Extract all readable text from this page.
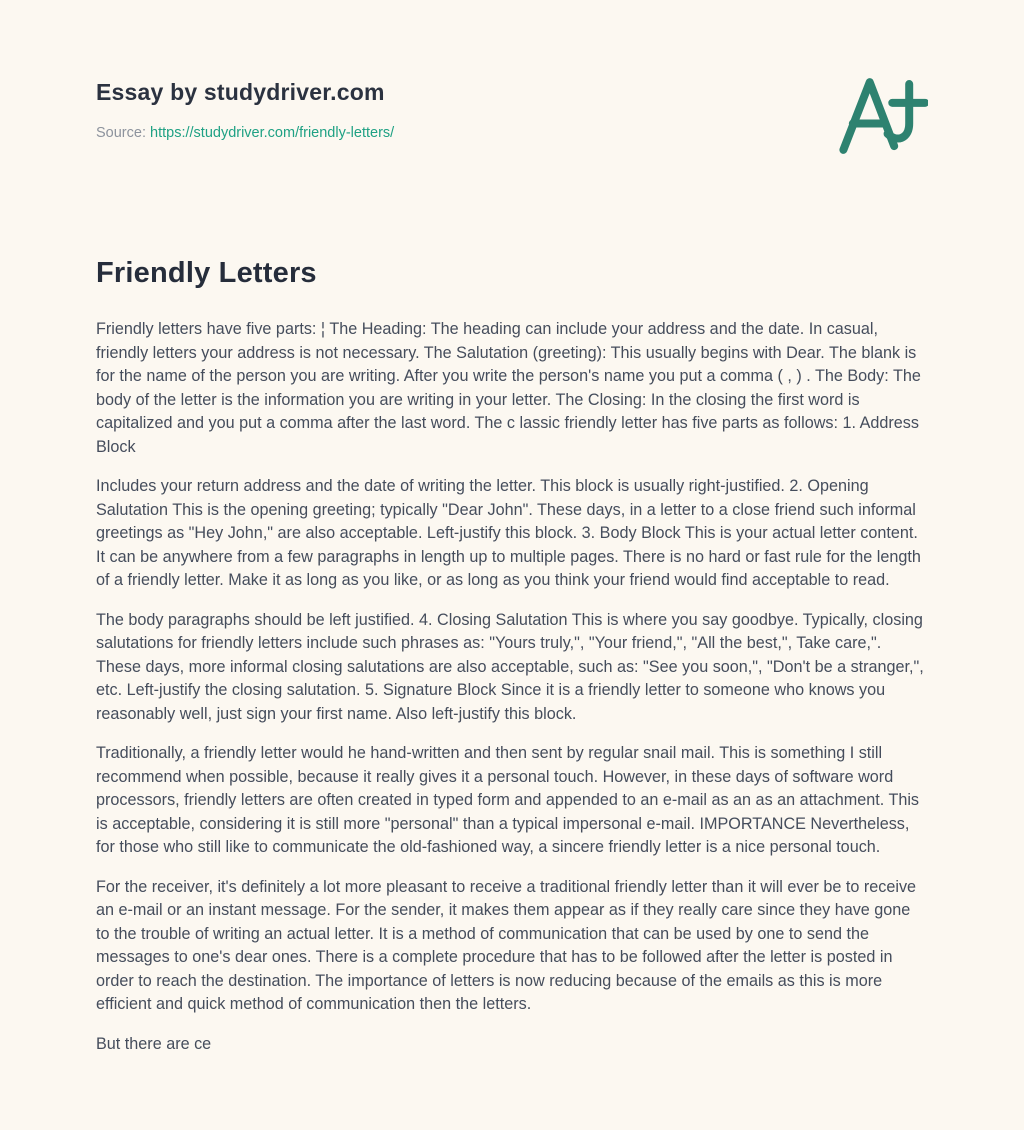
Essay by studydriver.com
Source: https://studydriver.com/friendly-letters/
Friendly Letters

Friendly letters have five parts: ¦ The Heading: The heading can include your address and the date. In casual, friendly letters your address is not necessary. The Salutation (greeting): This usually begins with Dear. The blank is for the name of the person you are writing. After you write the person's name you put a comma ( , ) . The Body: The body of the letter is the information you are writing in your letter. The Closing: In the closing the first word is capitalized and you put a comma after the last word. The c lassic friendly letter has five parts as follows: 1. Address Block

Includes your return address and the date of writing the letter. This block is usually right-justified. 2. Opening Salutation This is the opening greeting; typically "Dear John". These days, in a letter to a close friend such informal greetings as "Hey John," are also acceptable. Left-justify this block. 3. Body Block This is your actual letter content. It can be anywhere from a few paragraphs in length up to multiple pages. There is no hard or fast rule for the length of a friendly letter. Make it as long as you like, or as long as you think your friend would find acceptable to read.

The body paragraphs should be left justified. 4. Closing Salutation This is where you say goodbye. Typically, closing salutations for friendly letters include such phrases as: "Yours truly,", "Your friend,", "All the best,", Take care,". These days, more informal closing salutations are also acceptable, such as: "See you soon,", "Don't be a stranger,", etc. Left-justify the closing salutation. 5. Signature Block Since it is a friendly letter to someone who knows you reasonably well, just sign your first name. Also left-justify this block.

Traditionally, a friendly letter would he hand-written and then sent by regular snail mail. This is something I still recommend when possible, because it really gives it a personal touch. However, in these days of software word processors, friendly letters are often created in typed form and appended to an e-mail as an as an attachment. This is acceptable, considering it is still more "personal" than a typical impersonal e-mail. IMPORTANCE Nevertheless, for those who still like to communicate the old-fashioned way, a sincere friendly letter is a nice personal touch.

For the receiver, it's definitely a lot more pleasant to receive a traditional friendly letter than it will ever be to receive an e-mail or an instant message. For the sender, it makes them appear as if they really care since they have gone to the trouble of writing an actual letter. It is a method of communication that can be used by one to send the messages to one's dear ones. There is a complete procedure that has to be followed after the letter is posted in order to reach the destination. The importance of letters is now reducing because of the emails as this is more efficient and quick method of communication then the letters.

But there are ce
